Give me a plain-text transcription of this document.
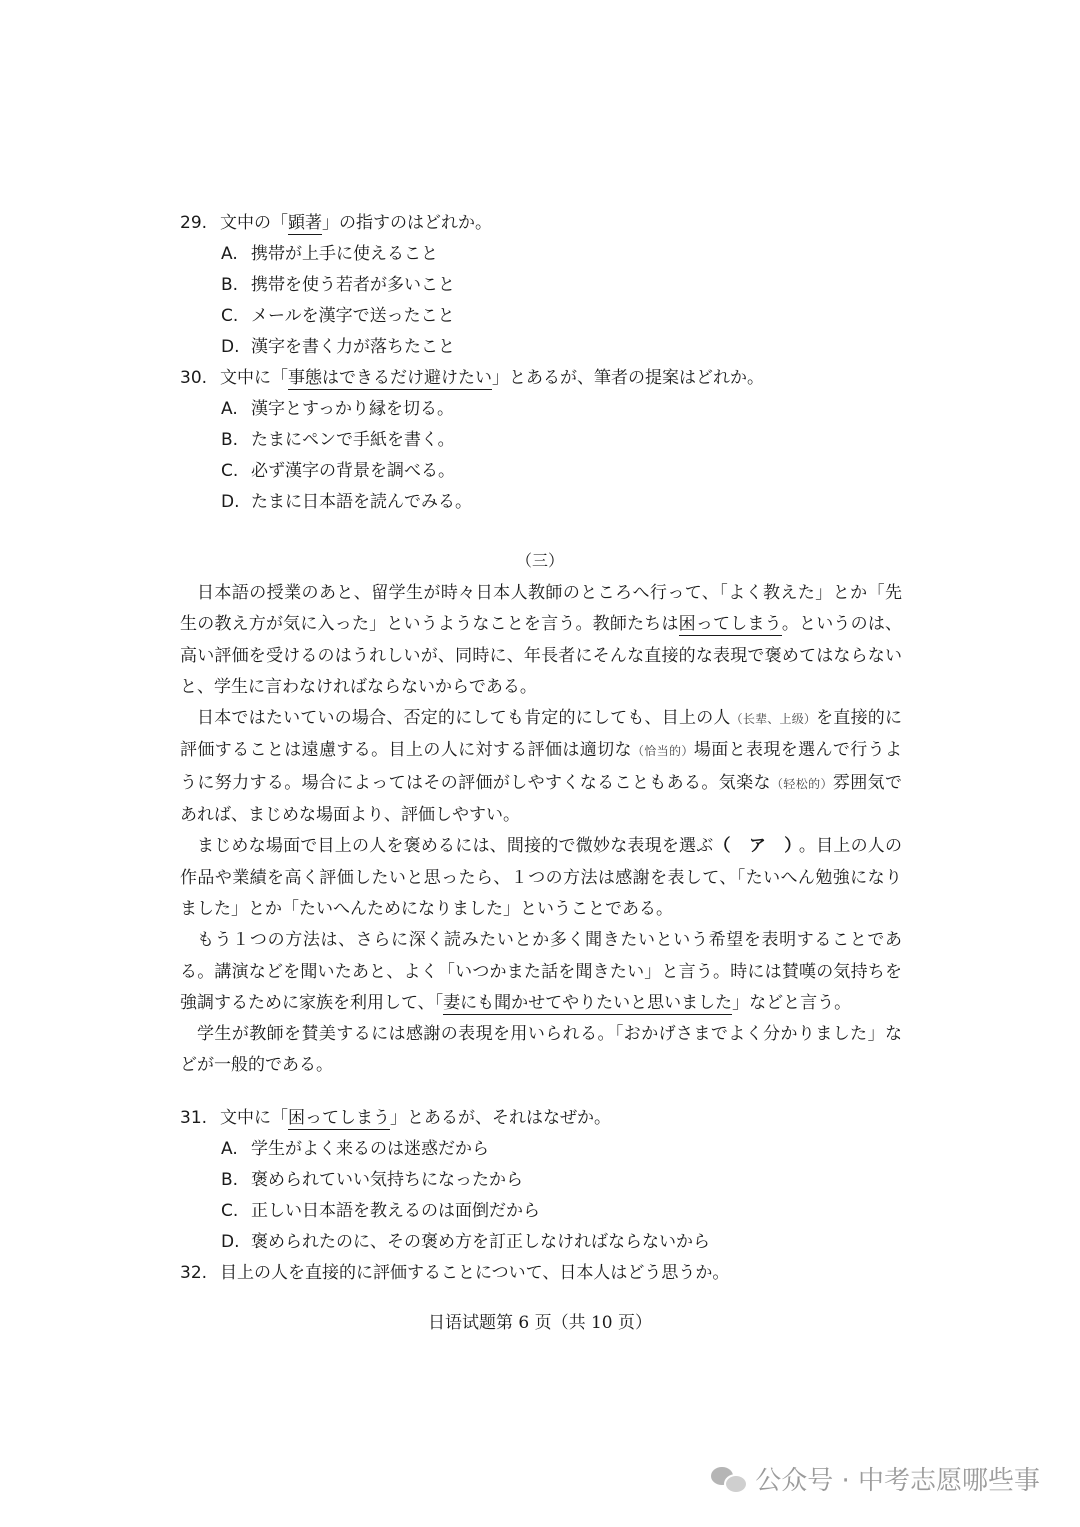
29. 文中の「顕著」の指すのはどれか。
A. 携帯が上手に使えること
B. 携帯を使う若者が多いこと
C. メールを漢字で送ったこと
D. 漢字を書く力が落ちたこと
30. 文中に「事態はできるだけ避けたい」とあるが、筆者の提案はどれか。
A. 漢字とすっかり縁を切る。
B. たまにペンで手紙を書く。
C. 必ず漢字の背景を調べる。
D. たまに日本語を読んでみる。
（三）

日本語の授業のあと、留学生が時々日本人教師のところへ行って、「よく教えた」とか「先生の教え方が気に入った」というようなことを言う。教師たちは困ってしまう。というのは、高い評価を受けるのはうれしいが、同時に、年長者にそんな直接的な表現で褒めてはならないと、学生に言わなければならないからである。

日本ではたいていの場合、否定的にしても肯定的にしても、目上の人（长辈、上级）を直接的に評価することは遠慮する。目上の人に対する評価は適切な（恰当的）場面と表現を選んで行うように努力する。場合によってはその評価がしやすくなることもある。気楽な（轻松的）雰囲気であれば、まじめな場面より、評価しやすい。

まじめな場面で目上の人を褒めるには、間接的で微妙な表現を選ぶ（ ア ）。目上の人の作品や業績を高く評価したいと思ったら、１つの方法は感謝を表して、「たいへん勉強になりました」とか「たいへんためになりました」ということである。

もう１つの方法は、さらに深く読みたいとか多く聞きたいという希望を表明することである。講演などを聞いたあと、よく「いつかまた話を聞きたい」と言う。時には賛嘆の気持ちを強調するために家族を利用して、「妻にも聞かせてやりたいと思いました」などと言う。

学生が教師を賛美するには感謝の表現を用いられる。「おかげさまでよく分かりました」などが一般的である。

31. 文中に「困ってしまう」とあるが、それはなぜか。
A. 学生がよく来るのは迷惑だから
B. 褒められていい気持ちになったから
C. 正しい日本語を教えるのは面倒だから
D. 褒められたのに、その褒め方を訂正しなければならないから
32. 目上の人を直接的に評価することについて、日本人はどう思うか。
日语试题第 6 页（共 10 页）
公众号 · 中考志愿哪些事
